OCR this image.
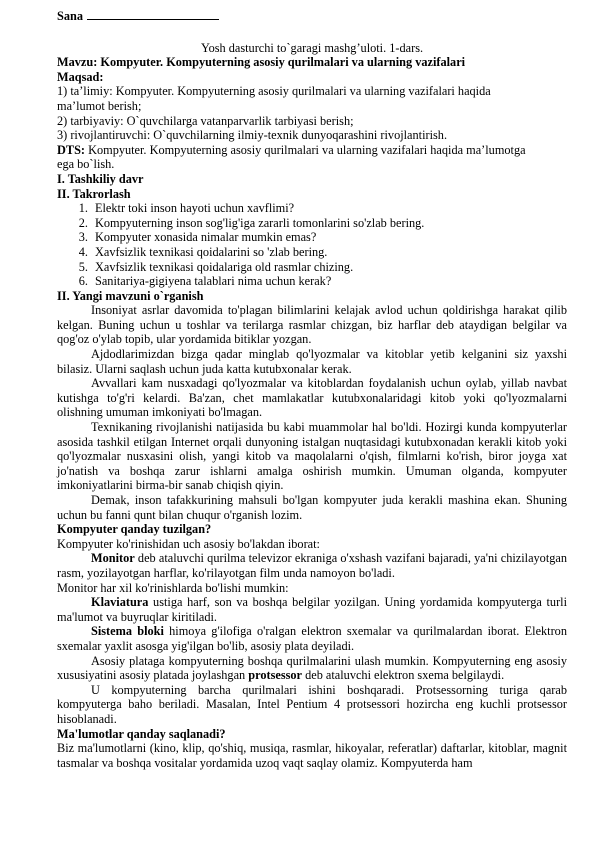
Sana

Yosh dasturchi to`garagi mashg’uloti. 1-dars.

Mavzu: Kompyuter. Kompyuterning asosiy qurilmalari va ularning vazifalari

Maqsad:

1) ta’limiy: Kompyuter. Kompyuterning asosiy qurilmalari va ularning vazifalari haqida ma’lumot berish;

2) tarbiyaviy: O`quvchilarga vatanparvarlik tarbiyasi berish;

3) rivojlantiruvchi: O`quvchilarning ilmiy-texnik dunyoqarashini rivojlantirish.

DTS: Kompyuter. Kompyuterning asosiy qurilmalari va ularning vazifalari haqida ma’lumotga ega bo`lish.

I. Tashkiliy davr

II. Takrorlash

1. Elektr toki inson hayoti uchun xavflimi?
2. Kompyuterning inson sog'lig'iga zararli tomonlarini so'zlab bering.
3. Kompyuter xonasida nimalar mumkin emas?
4. Xavfsizlik texnikasi qoidalarini so 'zlab bering.
5. Xavfsizlik texnikasi qoidalariga old rasmlar chizing.
6. Sanitariya-gigiyena talablari nima uchun kerak?

II. Yangi mavzuni o`rganish

Insoniyat asrlar davomida to'plagan bilimlarini kelajak avlod uchun qoldirishga harakat qilib kelgan. Buning uchun u toshlar va terilarga rasmlar chizgan, biz harflar deb ataydigan belgilar va qog'oz o'ylab topib, ular yordamida bitiklar yozgan.

Ajdodlarimizdan bizga qadar minglab qo'lyozmalar va kitoblar yetib kelganini siz yaxshi bilasiz. Ularni saqlash uchun juda katta kutubxonalar kerak.

Avvallari kam nusxadagi qo'lyozmalar va kitoblardan foydalanish uchun oylab, yillab navbat kutishga to'g'ri kelardi. Ba'zan, chet mamlakatlar kutubxonalaridagi kitob yoki qo'lyozmalarni olishning umuman imkoniyati bo'lmagan.

Texnikaning rivojlanishi natijasida bu kabi muammolar hal bo'ldi. Hozirgi kunda kompyuterlar asosida tashkil etilgan Internet orqali dunyoning istalgan nuqtasidagi kutubxonadan kerakli kitob yoki qo'lyozmalar nusxasini olish, yangi kitob va maqolalarni o'qish, filmlarni ko'rish, biror joyga xat jo'natish va boshqa zarur ishlarni amalga oshirish mumkin. Umuman olganda, kompyuter imkoniyatlarini birma-bir sanab chiqish qiyin.

Demak, inson tafakkurining mahsuli bo'lgan kompyuter juda kerakli mashina ekan. Shuning uchun bu fanni qunt bilan chuqur o'rganish lozim.

Kompyuter qanday tuzilgan?

Kompyuter ko'rinishidan uch asosiy bo'lakdan iborat:

Monitor deb ataluvchi qurilma televizor ekraniga o'xshash vazifani bajaradi, ya'ni chizilayotgan rasm, yozilayotgan harflar, ko'rilayotgan film unda namoyon bo'ladi.

Monitor har xil ko'rinishlarda bo'lishi mumkin:

Klaviatura ustiga harf, son va boshqa belgilar yozilgan. Uning yordamida kompyuterga turli ma'lumot va buyruqlar kiritiladi.

Sistema bloki himoya g'ilofiga o'ralgan elektron sxemalar va qurilmalardan iborat. Elektron sxemalar yaxlit asosga yig'ilgan bo'lib, asosiy plata deyiladi.

Asosiy plataga kompyuterning boshqa qurilmalarini ulash mumkin. Kompyuterning eng asosiy xususiyatini asosiy platada joylashgan protsessor deb ataluvchi elektron sxema belgilaydi.

U kompyuterning barcha qurilmalari ishini boshqaradi. Protsessorning turiga qarab kompyuterga baho beriladi. Masalan, Intel Pentium 4 protsessori hozircha eng kuchli protsessor hisoblanadi.

Ma'lumotlar qanday saqlanadi?

Biz ma'lumotlarni (kino, klip, qo'shiq, musiqa, rasmlar, hikoyalar, referatlar) daftarlar, kitoblar, magnit tasmalar va boshqa vositalar yordamida uzoq vaqt saqlay olamiz. Kompyuterda ham
